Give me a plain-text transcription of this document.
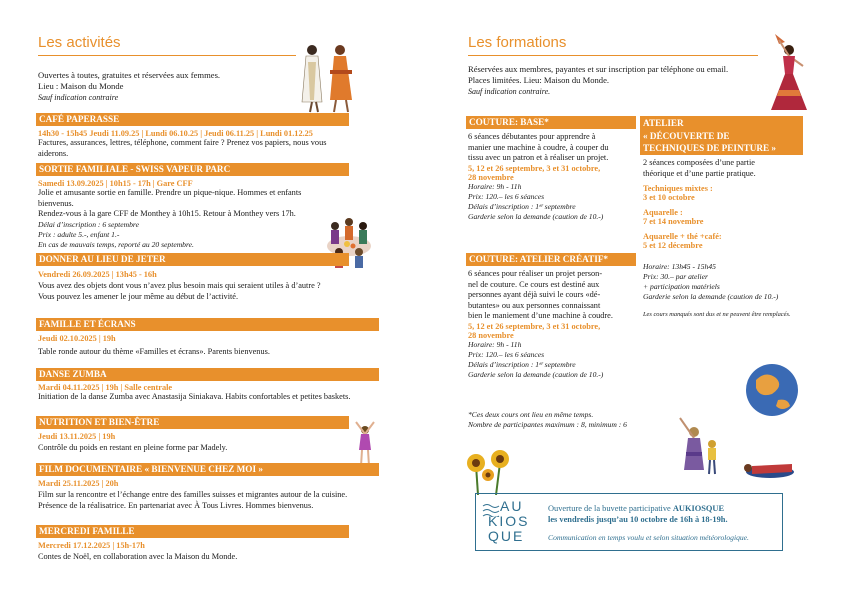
Les activités
Ouvertes à toutes, gratuites et réservées aux femmes.
Lieu : Maison du Monde
Sauf indication contraire
CAFÉ PAPERASSE
14h30 - 15h45 Jeudi 11.09.25 | Lundi 06.10.25 | Jeudi 06.11.25 | Lundi 01.12.25
Factures, assurances, lettres, téléphone, comment faire ? Prenez vos papiers, nous vous aiderons.
SORTIE FAMILIALE - SWISS VAPEUR PARC
Samedi 13.09.2025 | 10h15 - 17h | Gare CFF
Jolie et amusante sortie en famille. Prendre un pique-nique. Hommes et enfants bienvenus.
Rendez-vous à la gare CFF de Monthey à 10h15. Retour à Monthey vers 17h.
Délai d’inscription : 6 septembre
Prix : adulte 5.-, enfant 1.-
En cas de mauvais temps, reporté au 20 septembre.
DONNER AU LIEU DE JETER
Vendredi 26.09.2025 | 13h45 - 16h
Vous avez des objets dont vous n’avez plus besoin mais qui seraient utiles à d’autre ?
Vous pouvez les amener le jour même au début de l’activité.
FAMILLE ET ÉCRANS
Jeudi 02.10.2025 | 19h
Table ronde autour du thème «Familles et écrans». Parents bienvenus.
DANSE ZUMBA
Mardi 04.11.2025 | 19h | Salle centrale
Initiation de la danse Zumba avec Anastasija Siniakava. Habits confortables et petites baskets.
NUTRITION ET BIEN-ÊTRE
Jeudi 13.11.2025 | 19h
Contrôle du poids en restant en pleine forme par Madely.
FILM DOCUMENTAIRE « BIENVENUE CHEZ MOI »
Mardi 25.11.2025 | 20h
Film sur la rencontre et l’échange entre des familles suisses et migrantes autour de la cuisine.
Présence de la réalisatrice. En partenariat avec À Tous Livres. Hommes bienvenus.
MERCREDI FAMILLE
Mercredi 17.12.2025 | 15h-17h
Contes de Noël, en collaboration avec la Maison du Monde.
Les formations
Réservées aux membres, payantes et sur inscription par téléphone ou email.
Places limitées. Lieu: Maison du Monde.
Sauf indication contraire.
COUTURE: BASE*
6 séances débutantes pour apprendre à
manier une machine à coudre, à couper du
tissu avec un patron et à réaliser un projet.
5, 12 et 26 septembre, 3 et 31 octobre,
28 novembre
Horaire: 9h - 11h
Prix: 120.– les 6 séances
Délais d’inscription : 1ᵉʳ septembre
Garderie selon la demande (caution de 10.-)
COUTURE: ATELIER CRÉATIF*
6 séances pour réaliser un projet person-
nel de couture. Ce cours est destiné aux
personnes ayant déjà suivi le cours «dé-
butantes» ou aux personnes connaissant
bien le maniement d’une machine à coudre.
5, 12 et 26 septembre, 3 et 31 octobre,
28 novembre
Horaire: 9h - 11h
Prix: 120.– les 6 séances
Délais d’inscription : 1ᵉʳ septembre
Garderie selon la demande (caution de 10.-)
*Ces deux cours ont lieu en même temps.
Nombre de participantes maximum : 8, minimum : 6
ATELIER
« DÉCOUVERTE DE
TECHNIQUES DE PEINTURE »
2 séances composées d’une partie
théorique et d’une partie pratique.
Techniques mixtes :
3 et 10 octobre
Aquarelle :
7 et 14 novembre
Aquarelle + thé +café:
5 et 12 décembre
Horaire: 13h45 - 15h45
Prix: 30.– par atelier
+ participation matériels
Garderie selon la demande (caution de 10.-)
Les cours manqués sont dus et ne peuvent être remplacés.
AU
KIOS
QUE
Ouverture de la buvette participative AUKIOSQUE
les vendredis jusqu’au 10 octobre de 16h à 18-19h.
Communication en temps voulu et selon situation météorologique.
